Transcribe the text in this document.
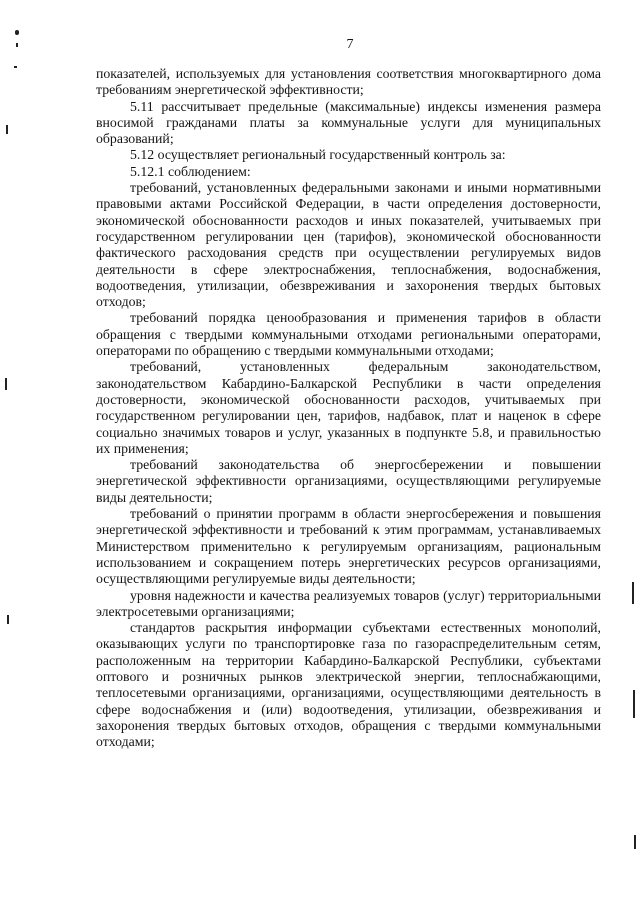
7

показателей, используемых для установления соответствия многоквартирного дома требованиям энергетической эффективности;

5.11 рассчитывает предельные (максимальные) индексы изменения размера вносимой гражданами платы за коммунальные услуги для муниципальных образований;

5.12 осуществляет региональный государственный контроль за:

5.12.1 соблюдением:

требований, установленных федеральными законами и иными нормативными правовыми актами Российской Федерации, в части определения достоверности, экономической обоснованности расходов и иных показателей, учитываемых при государственном регулировании цен (тарифов), экономической обоснованности фактического расходования средств при осуществлении регулируемых видов деятельности в сфере электроснабжения, теплоснабжения, водоснабжения, водоотведения, утилизации, обезвреживания и захоронения твердых бытовых отходов;

требований порядка ценообразования и применения тарифов в области обращения с твердыми коммунальными отходами региональными операторами, операторами по обращению с твердыми коммунальными отходами;

требований, установленных федеральным законодательством, законодательством Кабардино-Балкарской Республики в части определения достоверности, экономической обоснованности расходов, учитываемых при государственном регулировании цен, тарифов, надбавок, плат и наценок в сфере социально значимых товаров и услуг, указанных в подпункте 5.8, и правильностью их применения;

требований законодательства об энергосбережении и повышении энергетической эффективности организациями, осуществляющими регулируемые виды деятельности;

требований о принятии программ в области энергосбережения и повышения энергетической эффективности и требований к этим программам, устанавливаемых Министерством применительно к регулируемым организациям, рациональным использованием и сокращением потерь энергетических ресурсов организациями, осуществляющими регулируемые виды деятельности;

уровня надежности и качества реализуемых товаров (услуг) территориальными электросетевыми организациями;

стандартов раскрытия информации субъектами естественных монополий, оказывающих услуги по транспортировке газа по газораспределительным сетям, расположенным на территории Кабардино-Балкарской Республики, субъектами оптового и розничных рынков электрической энергии, теплоснабжающими, теплосетевыми организациями, организациями, осуществляющими деятельность в сфере водоснабжения и (или) водоотведения, утилизации, обезвреживания и захоронения твердых бытовых отходов, обращения с твердыми коммунальными отходами;
